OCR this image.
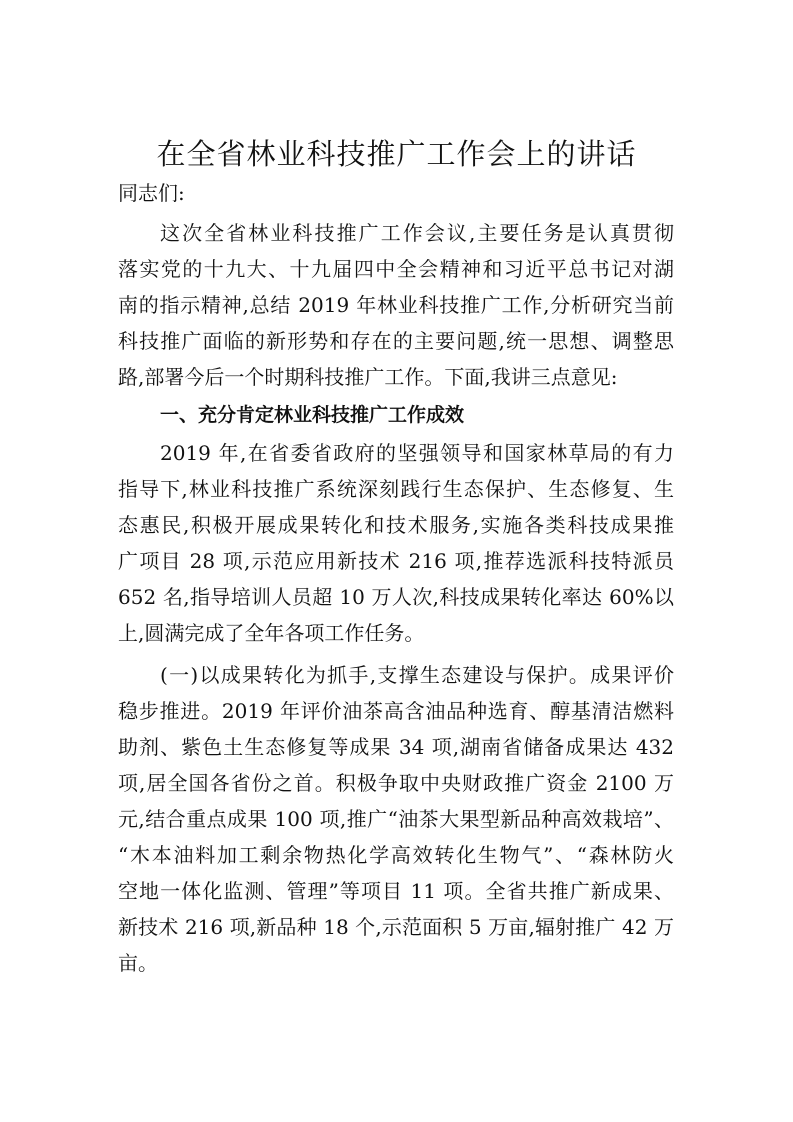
在全省林业科技推广工作会上的讲话
同志们:
这次全省林业科技推广工作会议,主要任务是认真贯彻
落实党的十九大、十九届四中全会精神和习近平总书记对湖
南的指示精神,总结 2019 年林业科技推广工作,分析研究当前
科技推广面临的新形势和存在的主要问题,统一思想、调整思
路,部署今后一个时期科技推广工作。下面,我讲三点意见:
一、充分肯定林业科技推广工作成效
2019 年,在省委省政府的坚强领导和国家林草局的有力
指导下,林业科技推广系统深刻践行生态保护、生态修复、生
态惠民,积极开展成果转化和技术服务,实施各类科技成果推
广项目 28 项,示范应用新技术 216 项,推荐选派科技特派员
652 名,指导培训人员超 10 万人次,科技成果转化率达 60%以
上,圆满完成了全年各项工作任务。
(一)以成果转化为抓手,支撑生态建设与保护。成果评价
稳步推进。2019 年评价油茶高含油品种选育、醇基清洁燃料
助剂、紫色土生态修复等成果 34 项,湖南省储备成果达 432
项,居全国各省份之首。积极争取中央财政推广资金 2100 万
元,结合重点成果 100 项,推广“油茶大果型新品种高效栽培”、
“木本油料加工剩余物热化学高效转化生物气”、“森林防火
空地一体化监测、管理”等项目 11 项。全省共推广新成果、
新技术 216 项,新品种 18 个,示范面积 5 万亩,辐射推广 42 万
亩。
